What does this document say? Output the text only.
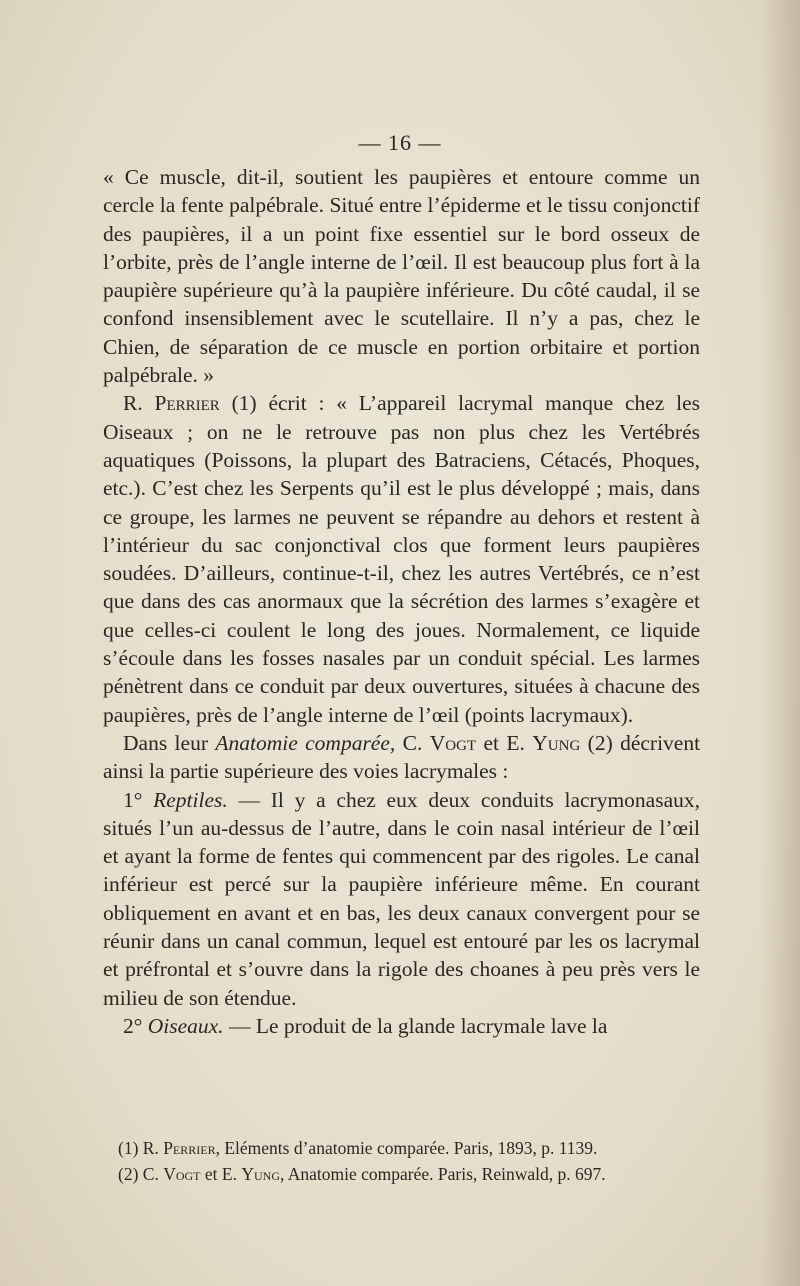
— 16 —

« Ce muscle, dit-il, soutient les paupières et entoure comme un cercle la fente palpébrale. Situé entre l’épiderme et le tissu conjonctif des paupières, il a un point fixe essentiel sur le bord osseux de l’orbite, près de l’angle interne de l’œil. Il est beaucoup plus fort à la paupière supérieure qu’à la paupière inférieure. Du côté caudal, il se confond insensiblement avec le scutellaire. Il n’y a pas, chez le Chien, de séparation de ce muscle en portion orbitaire et portion palpébrale. »

R. Perrier (1) écrit : « L’appareil lacrymal manque chez les Oiseaux ; on ne le retrouve pas non plus chez les Vertébrés aquatiques (Poissons, la plupart des Batraciens, Cétacés, Phoques, etc.). C’est chez les Serpents qu’il est le plus développé ; mais, dans ce groupe, les larmes ne peuvent se répandre au dehors et restent à l’intérieur du sac conjonctival clos que forment leurs paupières soudées. D’ailleurs, continue-t-il, chez les autres Vertébrés, ce n’est que dans des cas anormaux que la sécrétion des larmes s’exagère et que celles-ci coulent le long des joues. Normalement, ce liquide s’écoule dans les fosses nasales par un conduit spécial. Les larmes pénètrent dans ce conduit par deux ouvertures, situées à chacune des paupières, près de l’angle interne de l’œil (points lacrymaux).

Dans leur Anatomie comparée, C. Vogt et E. Yung (2) décrivent ainsi la partie supérieure des voies lacrymales :

1° Reptiles. — Il y a chez eux deux conduits lacrymonasaux, situés l’un au-dessus de l’autre, dans le coin nasal intérieur de l’œil et ayant la forme de fentes qui commencent par des rigoles. Le canal inférieur est percé sur la paupière inférieure même. En courant obliquement en avant et en bas, les deux canaux convergent pour se réunir dans un canal commun, lequel est entouré par les os lacrymal et préfrontal et s’ouvre dans la rigole des choanes à peu près vers le milieu de son étendue.

2° Oiseaux. — Le produit de la glande lacrymale lave la

(1) R. Perrier, Eléments d’anatomie comparée. Paris, 1893, p. 1139.

(2) C. Vogt et E. Yung, Anatomie comparée. Paris, Reinwald, p. 697.
